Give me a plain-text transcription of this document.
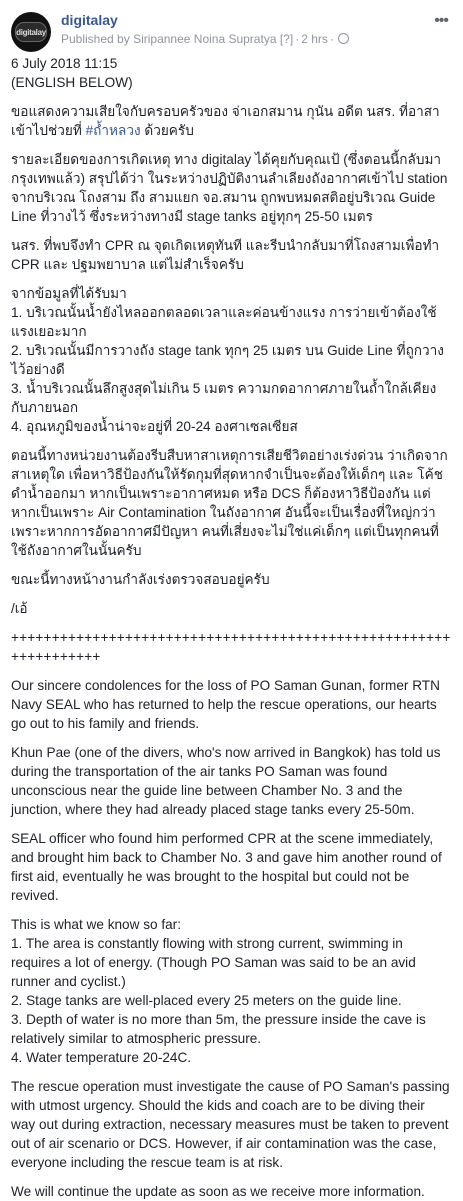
digitalay
digitalay
Published by Siripannee Noina Supratya [?] · 2 hrs ·
•••

6 July 2018 11:15

(ENGLISH BELOW)

ขอแสดงความเสียใจกับครอบครัวของ จ่าเอกสมาน กุนัน อดีต นสร. ที่อาสาเข้าไปช่วยที่ #ถ้ำหลวง ด้วยครับ

รายละเอียดของการเกิดเหตุ ทาง digitalay ได้คุยกับคุณเป้ (ซึ่งตอนนี้กลับมากรุงเทพแล้ว) สรุปได้ว่า ในระหว่างปฏิบัติงานลำเลียงถังอากาศเข้าไป station จากบริเวณ โถงสาม ถึง สามแยก จอ.สมาน ถูกพบหมดสติอยู่บริเวณ Guide Line ที่วางไว้ ซึ่งระหว่างทางมี stage tanks อยู่ทุกๆ 25-50 เมตร

นสร. ที่พบจึงทำ CPR ณ จุดเกิดเหตุทันที และรีบนำกลับมาที่โถงสามเพื่อทำ CPR และ ปฐมพยาบาล แต่ไม่สำเร็จครับ

จากข้อมูลที่ได้รับมา

1. บริเวณนั้นน้ำยังไหลออกตลอดเวลาและค่อนข้างแรง การว่ายเข้าต้องใช้แรงเยอะมาก
2. บริเวณนั้นมีการวางถัง stage tank ทุกๆ 25 เมตร บน Guide Line ที่ถูกวางไว้อย่างดี
3. น้ำบริเวณนั้นลึกสูงสุดไม่เกิน 5 เมตร ความกดอากาศภายในถ้ำใกล้เคียงกับภายนอก
4. อุณหภูมิของน้ำน่าจะอยู่ที่ 20-24 องศาเซลเซียส

ตอนนี้ทางหน่วยงานต้องรีบสืบหาสาเหตุการเสียชีวิตอย่างเร่งด่วน ว่าเกิดจากสาเหตุใด เพื่อหาวิธีป้องกันให้รัดกุมที่สุดหากจำเป็นจะต้องให้เด็กๆ และ โค้ช ดำน้ำออกมา หากเป็นเพราะอากาศหมด หรือ DCS ก็ต้องหาวิธีป้องกัน แต่หากเป็นเพราะ Air Contamination ในถังอากาศ อันนี้จะเป็นเรื่องที่ใหญ่กว่า เพราะหากการอัดอากาศมีปัญหา คนที่เสี่ยงจะไม่ใช่แค่เด็กๆ แต่เป็นทุกคนที่ใช้ถังอากาศในนั้นครับ

ขณะนี้ทางหน้างานกำลังเร่งตรวจสอบอยู่ครับ

/เอ้

+++++++++++++++++++++++++++++++++++++++++++++++++++++++++++++++++

Our sincere condolences for the loss of PO Saman Gunan, former RTN Navy SEAL who has returned to help the rescue operations, our hearts go out to his family and friends.

Khun Pae (one of the divers, who's now arrived in Bangkok) has told us during the transportation of the air tanks PO Saman was found unconscious near the guide line between Chamber No. 3 and the junction, where they had already placed stage tanks every 25-50m.

SEAL officer who found him performed CPR at the scene immediately, and brought him back to Chamber No. 3 and gave him another round of first aid, eventually he was brought to the hospital but could not be revived.

This is what we know so far:

1. The area is constantly flowing with strong current, swimming in requires a lot of energy. (Though PO Saman was said to be an avid runner and cyclist.)
2. Stage tanks are well-placed every 25 meters on the guide line.
3. Depth of water is no more than 5m, the pressure inside the cave is relatively similar to atmospheric pressure.
4. Water temperature 20-24C.

The rescue operation must investigate the cause of PO Saman's passing with utmost urgency. Should the kids and coach are to be diving their way out during extraction, necessary measures must be taken to prevent out of air scenario or DCS. However, if air contamination was the case, everyone including the rescue team is at risk.

We will continue the update as soon as we receive more information.
